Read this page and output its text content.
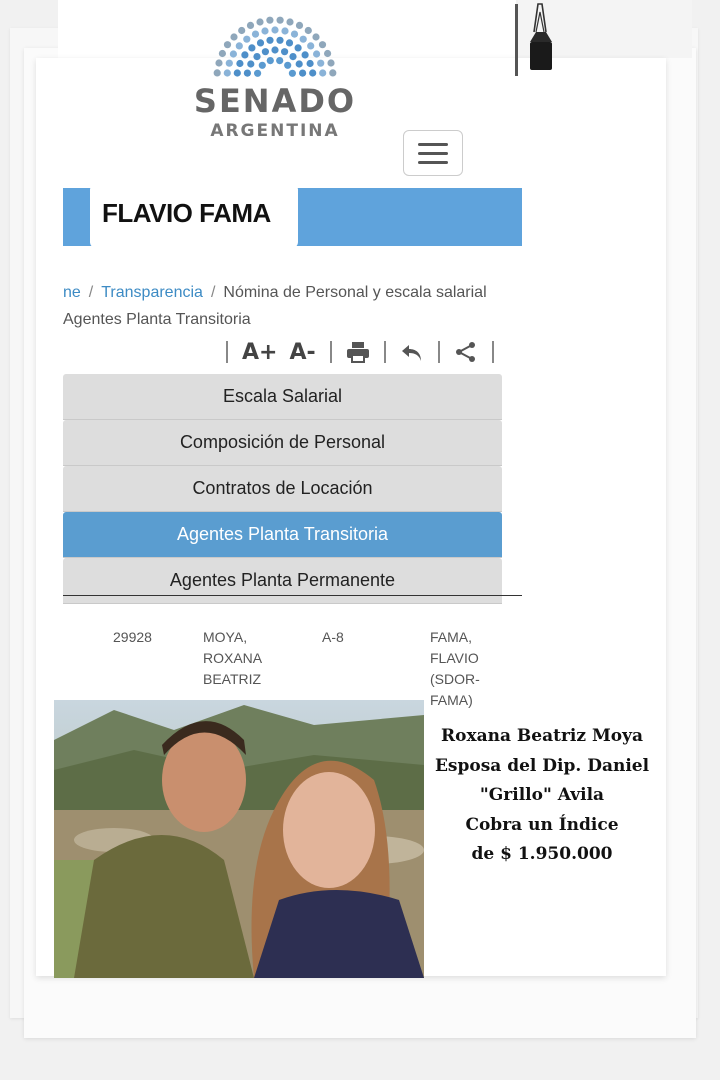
SENADO
ARGENTINA
FLAVIO FAMA
ne / Transparencia / Nómina de Personal y escala salarial
Agentes Planta Transitoria
A+ A-
Escala Salarial
Composición de Personal
Contratos de Locación
Agentes Planta Transitoria
Agentes Planta Permanente
29928	MOYA,
ROXANA
BEATRIZ
A-8	FAMA,
FLAVIO
(SDOR-
FAMA)
Roxana Beatriz Moya
Esposa del Dip. Daniel
"Grillo" Avila
Cobra un Índice
de $ 1.950.000
